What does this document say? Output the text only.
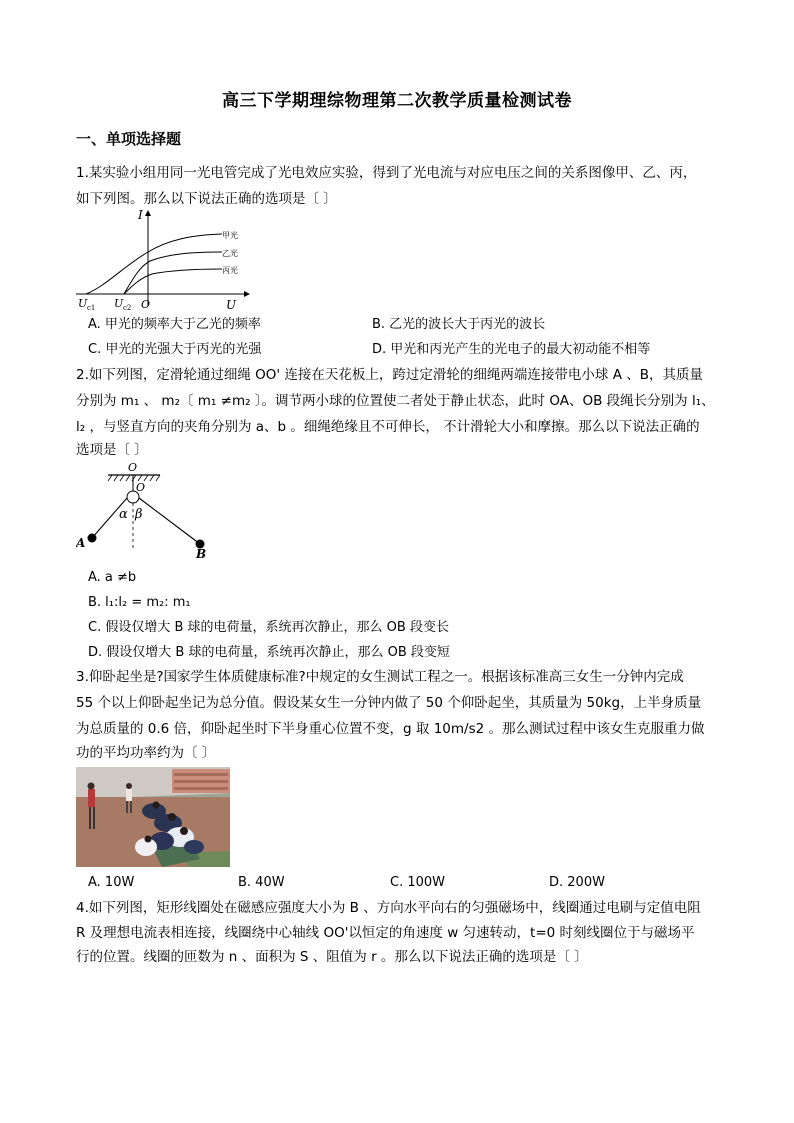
高三下学期理综物理第二次教学质量检测试卷
一、单项选择题
1.某实验小组用同一光电管完成了光电效应实验，得到了光电流与对应电压之间的关系图像甲、乙、丙，
如下列图。那么以下说法正确的选项是〔 〕
I
U
O
U c1 U c2
甲光
乙光
丙光
A. 甲光的频率大于乙光的频率	B. 乙光的波长大于丙光的波长
C. 甲光的光强大于丙光的光强	D. 甲光和丙光产生的光电子的最大初动能不相等
2.如下列图，定滑轮通过细绳 OO' 连接在天花板上，跨过定滑轮的细绳两端连接带电小球 A 、B，其质量
分别为 m₁ 、 m₂〔 m₁ ≠m₂ 〕。调节两小球的位置使二者处于静止状态，此时 OA、OB 段绳长分别为 l₁、
l₂ ，与竖直方向的夹角分别为 a、b 。细绳绝缘且不可伸长， 不计滑轮大小和摩擦。那么以下说法正确的
选项是〔 〕
O
O
α β
A
B
A. a ≠b
B. l₁:l₂ = m₂: m₁
C. 假设仅增大 B 球的电荷量，系统再次静止，那么 OB 段变长
D. 假设仅增大 B 球的电荷量，系统再次静止，那么 OB 段变短
3.仰卧起坐是?国家学生体质健康标准?中规定的女生测试工程之一。根据该标准高三女生一分钟内完成
55 个以上仰卧起坐记为总分值。假设某女生一分钟内做了 50 个仰卧起坐，其质量为 50kg，上半身质量
为总质量的 0.6 倍，仰卧起坐时下半身重心位置不变，g 取 10m/s2 。那么测试过程中该女生克服重力做
功的平均功率约为〔 〕
A. 10W	B. 40W	C. 100W	D. 200W
4.如下列图，矩形线圈处在磁感应强度大小为 B 、方向水平向右的匀强磁场中，线圈通过电刷与定值电阻
R 及理想电流表相连接，线圈绕中心轴线 OO'以恒定的角速度 w 匀速转动，t=0 时刻线圈位于与磁场平
行的位置。线圈的匝数为 n 、面积为 S 、阻值为 r 。那么以下说法正确的选项是〔 〕
